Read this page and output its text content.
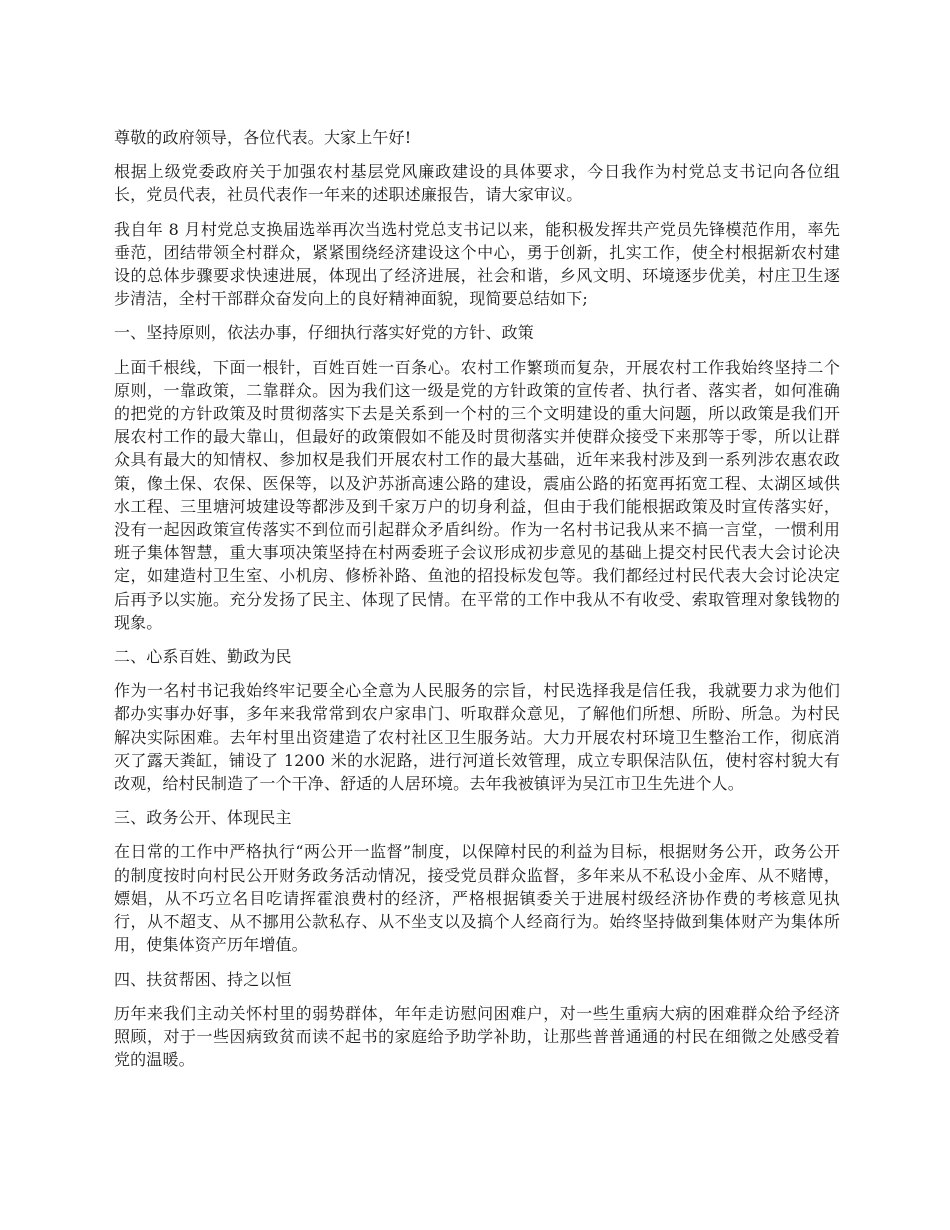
尊敬的政府领导，各位代表。大家上午好!

根据上级党委政府关于加强农村基层党风廉政建设的具体要求，今日我作为村党总支书记向各位组长，党员代表，社员代表作一年来的述职述廉报告，请大家审议。

我自年 8 月村党总支换届选举再次当选村党总支书记以来，能积极发挥共产党员先锋模范作用，率先垂范，团结带领全村群众，紧紧围绕经济建设这个中心，勇于创新，扎实工作，使全村根据新农村建设的总体步骤要求快速进展，体现出了经济进展，社会和谐，乡风文明、环境逐步优美，村庄卫生逐步清洁，全村干部群众奋发向上的良好精神面貌，现简要总结如下;

一、坚持原则，依法办事，仔细执行落实好党的方针、政策

上面千根线，下面一根针，百姓百姓一百条心。农村工作繁琐而复杂，开展农村工作我始终坚持二个原则，一靠政策，二靠群众。因为我们这一级是党的方针政策的宣传者、执行者、落实者，如何准确的把党的方针政策及时贯彻落实下去是关系到一个村的三个文明建设的重大问题，所以政策是我们开展农村工作的最大靠山，但最好的政策假如不能及时贯彻落实并使群众接受下来那等于零，所以让群众具有最大的知情权、参加权是我们开展农村工作的最大基础，近年来我村涉及到一系列涉农惠农政策，像土保、农保、医保等，以及沪苏浙高速公路的建设，震庙公路的拓宽再拓宽工程、太湖区域供水工程、三里塘河坡建设等都涉及到千家万户的切身利益，但由于我们能根据政策及时宣传落实好，没有一起因政策宣传落实不到位而引起群众矛盾纠纷。作为一名村书记我从来不搞一言堂，一惯利用班子集体智慧，重大事项决策坚持在村两委班子会议形成初步意见的基础上提交村民代表大会讨论决定，如建造村卫生室、小机房、修桥补路、鱼池的招投标发包等。我们都经过村民代表大会讨论决定后再予以实施。充分发扬了民主、体现了民情。在平常的工作中我从不有收受、索取管理对象钱物的现象。

二、心系百姓、勤政为民

作为一名村书记我始终牢记要全心全意为人民服务的宗旨，村民选择我是信任我，我就要力求为他们都办实事办好事，多年来我常常到农户家串门、听取群众意见，了解他们所想、所盼、所急。为村民解决实际困难。去年村里出资建造了农村社区卫生服务站。大力开展农村环境卫生整治工作，彻底消灭了露天粪缸，铺设了 1200 米的水泥路，进行河道长效管理，成立专职保洁队伍，使村容村貌大有改观，给村民制造了一个干净、舒适的人居环境。去年我被镇评为吴江市卫生先进个人。

三、政务公开、体现民主

在日常的工作中严格执行“两公开一监督”制度，以保障村民的利益为目标，根据财务公开，政务公开的制度按时向村民公开财务政务活动情况，接受党员群众监督，多年来从不私设小金库、从不赌博，嫖娼，从不巧立名目吃请挥霍浪费村的经济，严格根据镇委关于进展村级经济协作费的考核意见执行，从不超支、从不挪用公款私存、从不坐支以及搞个人经商行为。始终坚持做到集体财产为集体所用，使集体资产历年增值。

四、扶贫帮困、持之以恒

历年来我们主动关怀村里的弱势群体，年年走访慰问困难户，对一些生重病大病的困难群众给予经济照顾，对于一些因病致贫而读不起书的家庭给予助学补助，让那些普普通通的村民在细微之处感受着党的温暖。
